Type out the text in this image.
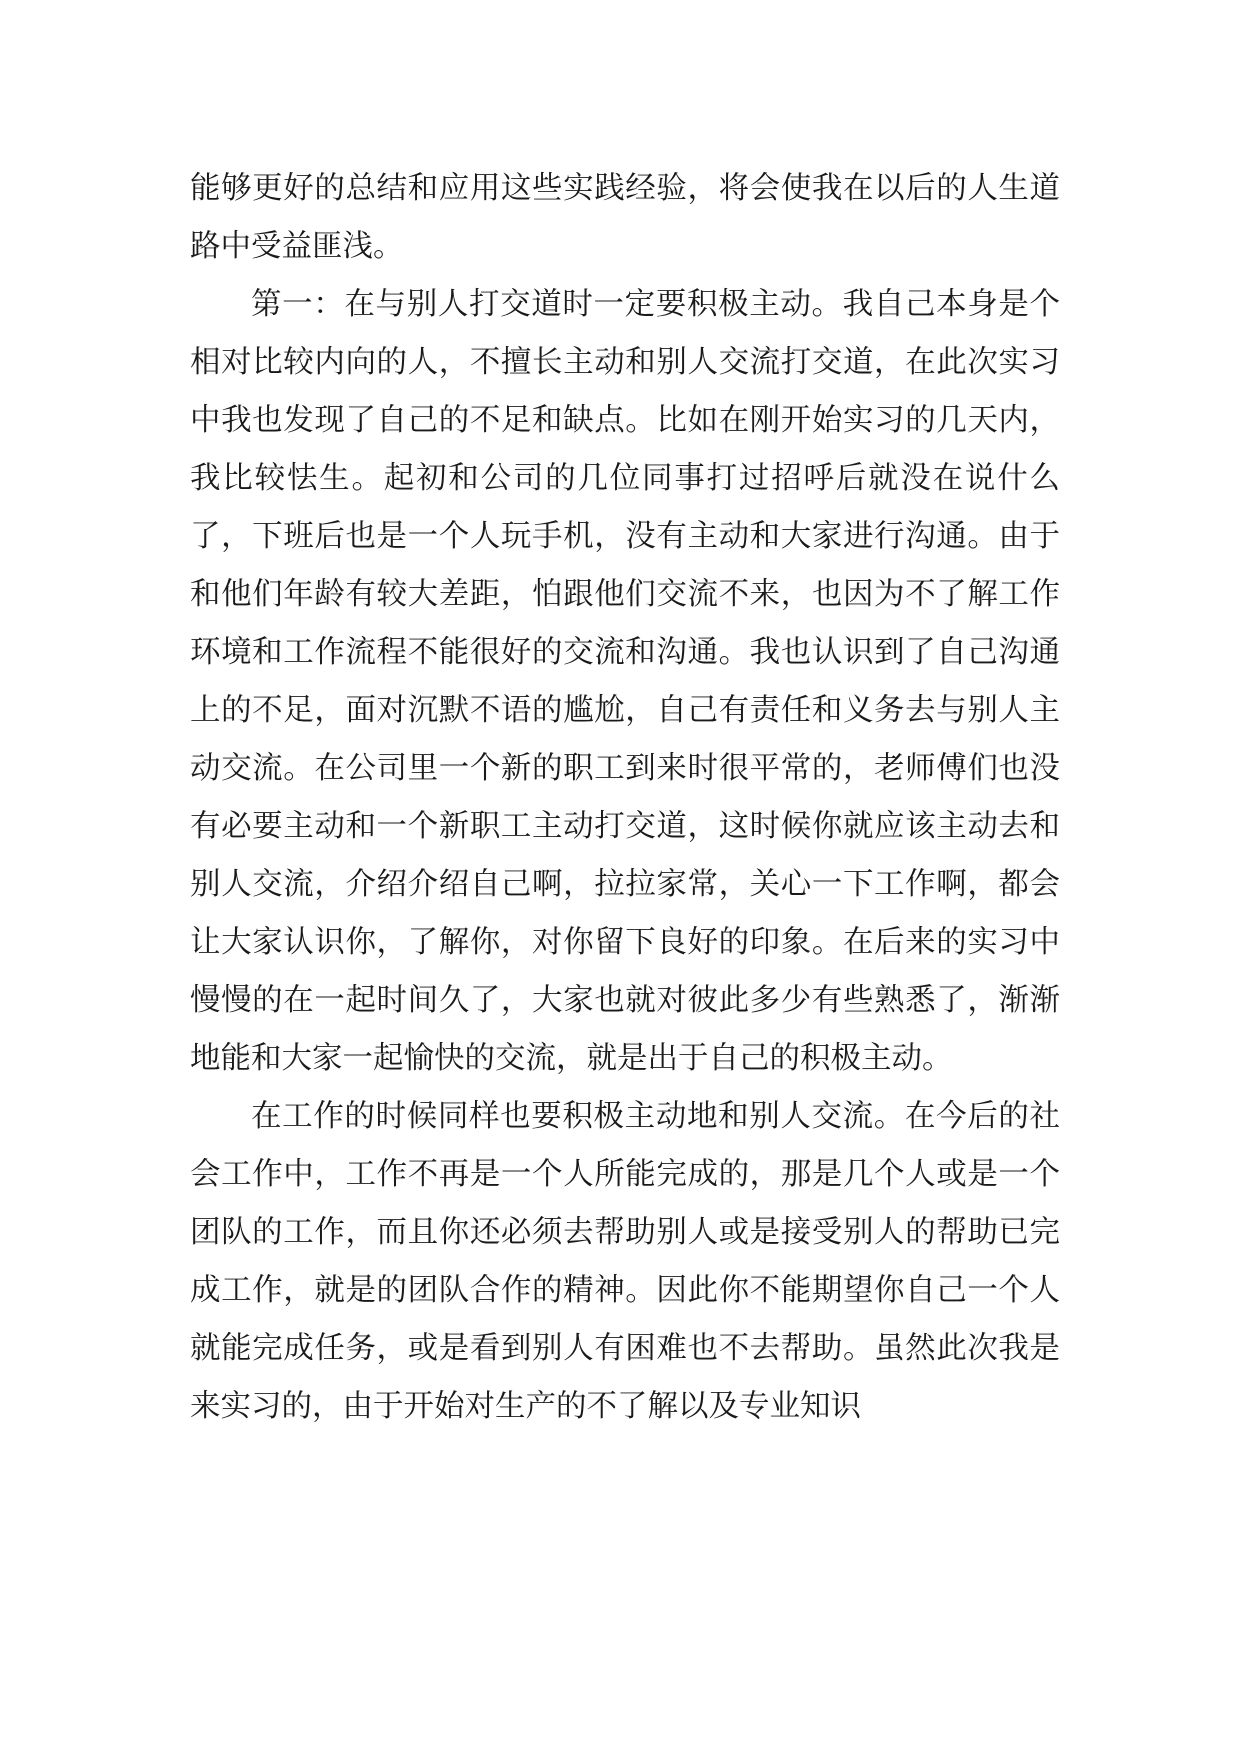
能够更好的总结和应用这些实践经验，将会使我在以后的人生道路中受益匪浅。

第一：在与别人打交道时一定要积极主动。我自己本身是个相对比较内向的人，不擅长主动和别人交流打交道，在此次实习中我也发现了自己的不足和缺点。比如在刚开始实习的几天内，我比较怯生。起初和公司的几位同事打过招呼后就没在说什么了，下班后也是一个人玩手机，没有主动和大家进行沟通。由于和他们年龄有较大差距，怕跟他们交流不来，也因为不了解工作环境和工作流程不能很好的交流和沟通。我也认识到了自己沟通上的不足，面对沉默不语的尴尬，自己有责任和义务去与别人主动交流。在公司里一个新的职工到来时很平常的，老师傅们也没有必要主动和一个新职工主动打交道，这时候你就应该主动去和别人交流，介绍介绍自己啊，拉拉家常，关心一下工作啊，都会让大家认识你，了解你，对你留下良好的印象。在后来的实习中慢慢的在一起时间久了，大家也就对彼此多少有些熟悉了，渐渐地能和大家一起愉快的交流，就是出于自己的积极主动。

在工作的时候同样也要积极主动地和别人交流。在今后的社会工作中，工作不再是一个人所能完成的，那是几个人或是一个团队的工作，而且你还必须去帮助别人或是接受别人的帮助已完成工作，就是的团队合作的精神。因此你不能期望你自己一个人就能完成任务，或是看到别人有困难也不去帮助。虽然此次我是来实习的，由于开始对生产的不了解以及专业知识
